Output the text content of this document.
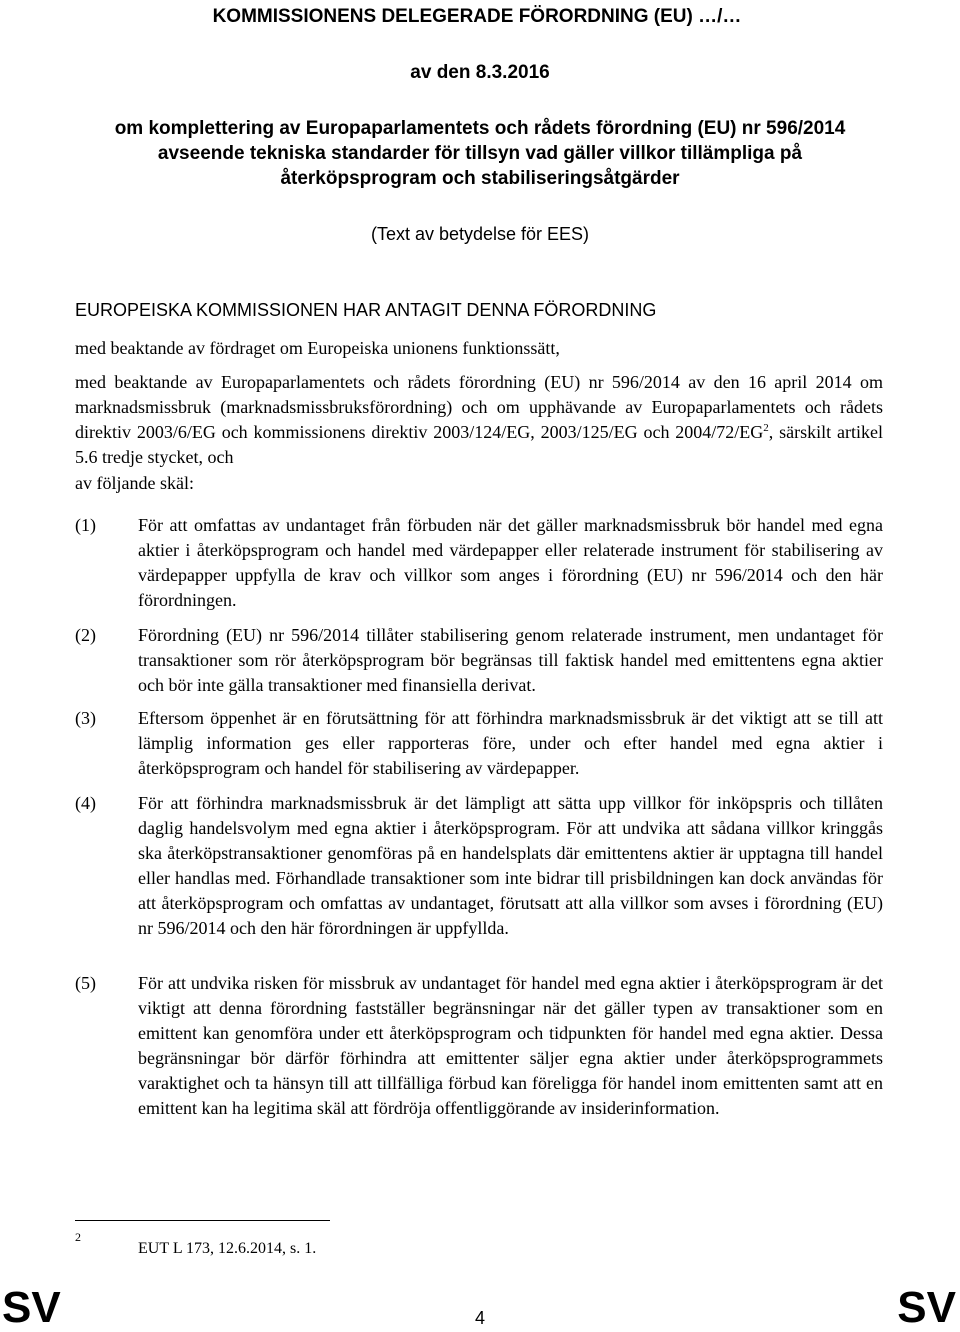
KOMMISSIONENS DELEGERADE FÖRORDNING (EU) …/…
av den 8.3.2016
om komplettering av Europaparlamentets och rådets förordning (EU) nr 596/2014
avseende tekniska standarder för tillsyn vad gäller villkor tillämpliga på
återköpsprogram och stabiliseringsåtgärder
(Text av betydelse för EES)
EUROPEISKA KOMMISSIONEN HAR ANTAGIT DENNA FÖRORDNING
med beaktande av fördraget om Europeiska unionens funktionssätt,
med beaktande av Europaparlamentets och rådets förordning (EU) nr 596/2014 av den 16 april 2014 om marknadsmissbruk (marknadsmissbruksförordning) och om upphävande av Europaparlamentets och rådets direktiv 2003/6/EG och kommissionens direktiv 2003/124/EG, 2003/125/EG och $2004/72/EG^2$, särskilt artikel 5.6 tredje stycket, och
av följande skäl:
(1)	För att omfattas av undantaget från förbuden när det gäller marknadsmissbruk bör handel med egna aktier i återköpsprogram och handel med värdepapper eller relaterade instrument för stabilisering av värdepapper uppfylla de krav och villkor som anges i förordning (EU) nr 596/2014 och den här förordningen.
(2)	Förordning (EU) nr 596/2014 tillåter stabilisering genom relaterade instrument, men undantaget för transaktioner som rör återköpsprogram bör begränsas till faktisk handel med emittentens egna aktier och bör inte gälla transaktioner med finansiella derivat.
(3)	Eftersom öppenhet är en förutsättning för att förhindra marknadsmissbruk är det viktigt att se till att lämplig information ges eller rapporteras före, under och efter handel med egna aktier i återköpsprogram och handel för stabilisering av värdepapper.
(4)	För att förhindra marknadsmissbruk är det lämpligt att sätta upp villkor för inköpspris och tillåten daglig handelsvolym med egna aktier i återköpsprogram. För att undvika att sådana villkor kringgås ska återköpstransaktioner genomföras på en handelsplats där emittentens aktier är upptagna till handel eller handlas med. Förhandlade transaktioner som inte bidrar till prisbildningen kan dock användas för att återköpsprogram och omfattas av undantaget, förutsatt att alla villkor som avses i förordning (EU) nr 596/2014 och den här förordningen är uppfyllda.
(5)	För att undvika risken för missbruk av undantaget för handel med egna aktier i återköpsprogram är det viktigt att denna förordning fastställer begränsningar när det gäller typen av transaktioner som en emittent kan genomföra under ett återköpsprogram och tidpunkten för handel med egna aktier. Dessa begränsningar bör därför förhindra att emittenter säljer egna aktier under återköpsprogrammets varaktighet och ta hänsyn till att tillfälliga förbud kan föreligga för handel inom emittenten samt att en emittent kan ha legitima skäl att fördröja offentliggörande av insiderinformation.
2
EUT L 173, 12.6.2014, s. 1.
SV	4	SV
